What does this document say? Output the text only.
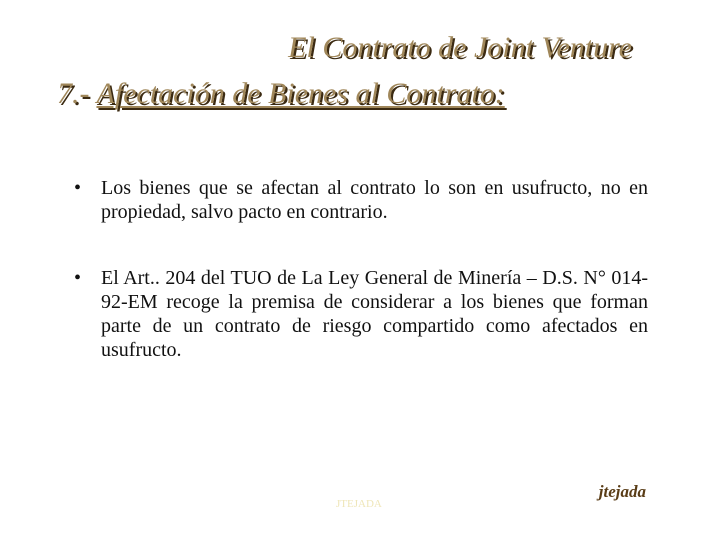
El Contrato de Joint Venture
7.- Afectación de Bienes al Contrato:
• Los bienes que se afectan al contrato lo son en usufructo, no en propiedad, salvo pacto en contrario.
• El Art.. 204 del TUO de La Ley General de Minería – D.S. N° 014-92-EM recoge la premisa de considerar a los bienes que forman parte de un contrato de riesgo compartido como afectados en usufructo.
JTEJADA
jtejada
